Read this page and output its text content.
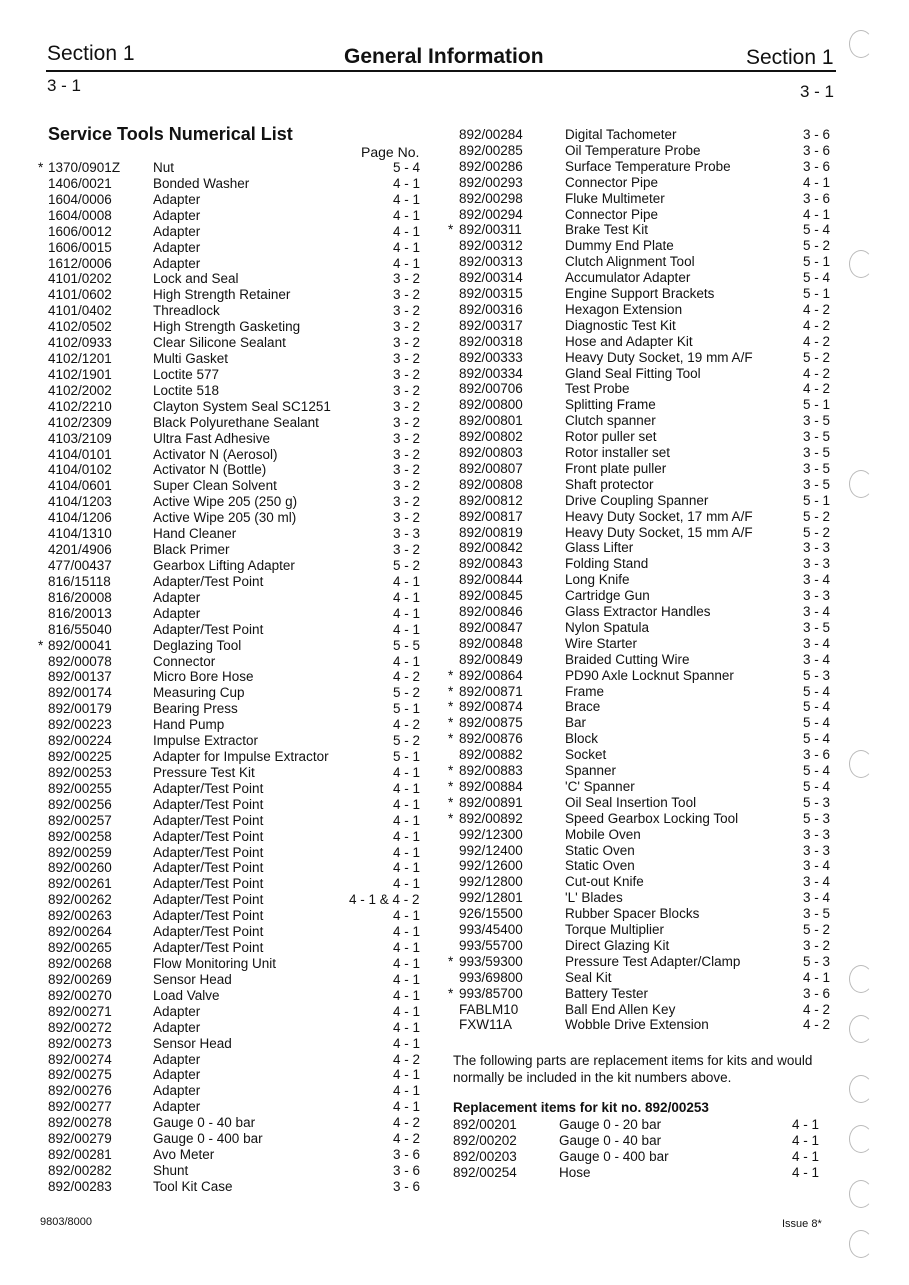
Section 1	General Information	Section 1
3 - 1	3 - 1
Service Tools Numerical List
Page No.
* 1370/0901Z Nut	5 - 4
1406/0021	Bonded Washer	4 - 1
1604/0006	Adapter	4 - 1
1604/0008	Adapter	4 - 1
1606/0012	Adapter	4 - 1
1606/0015	Adapter	4 - 1
1612/0006	Adapter	4 - 1
4101/0202	Lock and Seal	3 - 2
4101/0602	High Strength Retainer	3 - 2
4101/0402	Threadlock	3 - 2
4102/0502	High Strength Gasketing	3 - 2
4102/0933	Clear Silicone Sealant	3 - 2
4102/1201	Multi Gasket	3 - 2
4102/1901	Loctite 577	3 - 2
4102/2002	Loctite 518	3 - 2
4102/2210	Clayton System Seal SC1251	3 - 2
4102/2309	Black Polyurethane Sealant	3 - 2
4103/2109	Ultra Fast Adhesive	3 - 2
4104/0101	Activator N (Aerosol)	3 - 2
4104/0102	Activator N (Bottle)	3 - 2
4104/0601	Super Clean Solvent	3 - 2
4104/1203	Active Wipe 205 (250 g)	3 - 2
4104/1206	Active Wipe 205 (30 ml)	3 - 2
4104/1310	Hand Cleaner	3 - 3
4201/4906	Black Primer	3 - 2
477/00437	Gearbox Lifting Adapter	5 - 2
816/15118	Adapter/Test Point	4 - 1
816/20008	Adapter	4 - 1
816/20013	Adapter	4 - 1
816/55040	Adapter/Test Point	4 - 1
* 892/00041	Deglazing Tool	5 - 5
892/00078	Connector	4 - 1
892/00137	Micro Bore Hose	4 - 2
892/00174	Measuring Cup	5 - 2
892/00179	Bearing Press	5 - 1
892/00223	Hand Pump	4 - 2
892/00224	Impulse Extractor	5 - 2
892/00225	Adapter for Impulse Extractor	5 - 1
892/00253	Pressure Test Kit	4 - 1
892/00255	Adapter/Test Point	4 - 1
892/00256	Adapter/Test Point	4 - 1
892/00257	Adapter/Test Point	4 - 1
892/00258	Adapter/Test Point	4 - 1
892/00259	Adapter/Test Point	4 - 1
892/00260	Adapter/Test Point	4 - 1
892/00261	Adapter/Test Point	4 - 1
892/00262	Adapter/Test Point	4 - 1 & 4 - 2
892/00263	Adapter/Test Point	4 - 1
892/00264	Adapter/Test Point	4 - 1
892/00265	Adapter/Test Point	4 - 1
892/00268	Flow Monitoring Unit	4 - 1
892/00269	Sensor Head	4 - 1
892/00270	Load Valve	4 - 1
892/00271	Adapter	4 - 1
892/00272	Adapter	4 - 1
892/00273	Sensor Head	4 - 1
892/00274	Adapter	4 - 2
892/00275	Adapter	4 - 1
892/00276	Adapter	4 - 1
892/00277	Adapter	4 - 1
892/00278	Gauge 0 - 40 bar	4 - 2
892/00279	Gauge 0 - 400 bar	4 - 2
892/00281	Avo Meter	3 - 6
892/00282	Shunt	3 - 6
892/00283	Tool Kit Case	3 - 6
892/00284	Digital Tachometer	3 - 6
892/00285	Oil Temperature Probe	3 - 6
892/00286	Surface Temperature Probe	3 - 6
892/00293	Connector Pipe	4 - 1
892/00298	Fluke Multimeter	3 - 6
892/00294	Connector Pipe	4 - 1
* 892/00311	Brake Test Kit	5 - 4
892/00312	Dummy End Plate	5 - 2
892/00313	Clutch Alignment Tool	5 - 1
892/00314	Accumulator Adapter	5 - 4
892/00315	Engine Support Brackets	5 - 1
892/00316	Hexagon Extension	4 - 2
892/00317	Diagnostic Test Kit	4 - 2
892/00318	Hose and Adapter Kit	4 - 2
892/00333	Heavy Duty Socket, 19 mm A/F	5 - 2
892/00334	Gland Seal Fitting Tool	4 - 2
892/00706	Test Probe	4 - 2
892/00800	Splitting Frame	5 - 1
892/00801	Clutch spanner	3 - 5
892/00802	Rotor puller set	3 - 5
892/00803	Rotor installer set	3 - 5
892/00807	Front plate puller	3 - 5
892/00808	Shaft protector	3 - 5
892/00812	Drive Coupling Spanner	5 - 1
892/00817	Heavy Duty Socket, 17 mm A/F	5 - 2
892/00819	Heavy Duty Socket, 15 mm A/F	5 - 2
892/00842	Glass Lifter	3 - 3
892/00843	Folding Stand	3 - 3
892/00844	Long Knife	3 - 4
892/00845	Cartridge Gun	3 - 3
892/00846	Glass Extractor Handles	3 - 4
892/00847	Nylon Spatula	3 - 5
892/00848	Wire Starter	3 - 4
892/00849	Braided Cutting Wire	3 - 4
* 892/00864	PD90 Axle Locknut Spanner	5 - 3
* 892/00871	Frame	5 - 4
* 892/00874	Brace	5 - 4
* 892/00875	Bar	5 - 4
* 892/00876	Block	5 - 4
892/00882	Socket	3 - 6
* 892/00883	Spanner	5 - 4
* 892/00884	'C' Spanner	5 - 4
* 892/00891	Oil Seal Insertion Tool	5 - 3
* 892/00892	Speed Gearbox Locking Tool	5 - 3
992/12300	Mobile Oven	3 - 3
992/12400	Static Oven	3 - 3
992/12600	Static Oven	3 - 4
992/12800	Cut-out Knife	3 - 4
992/12801	'L' Blades	3 - 4
926/15500	Rubber Spacer Blocks	3 - 5
993/45400	Torque Multiplier	5 - 2
993/55700	Direct Glazing Kit	3 - 2
* 993/59300	Pressure Test Adapter/Clamp	5 - 3
993/69800	Seal Kit	4 - 1
* 993/85700	Battery Tester	3 - 6
FABLM10	Ball End Allen Key	4 - 2
FXW11A	Wobble Drive Extension	4 - 2
The following parts are replacement items for kits and would
normally be included in the kit numbers above.
Replacement items for kit no. 892/00253
892/00201	Gauge 0 - 20 bar	4 - 1
892/00202	Gauge 0 - 40 bar	4 - 1
892/00203	Gauge 0 - 400 bar	4 - 1
892/00254	Hose	4 - 1
9803/8000	Issue 8*
